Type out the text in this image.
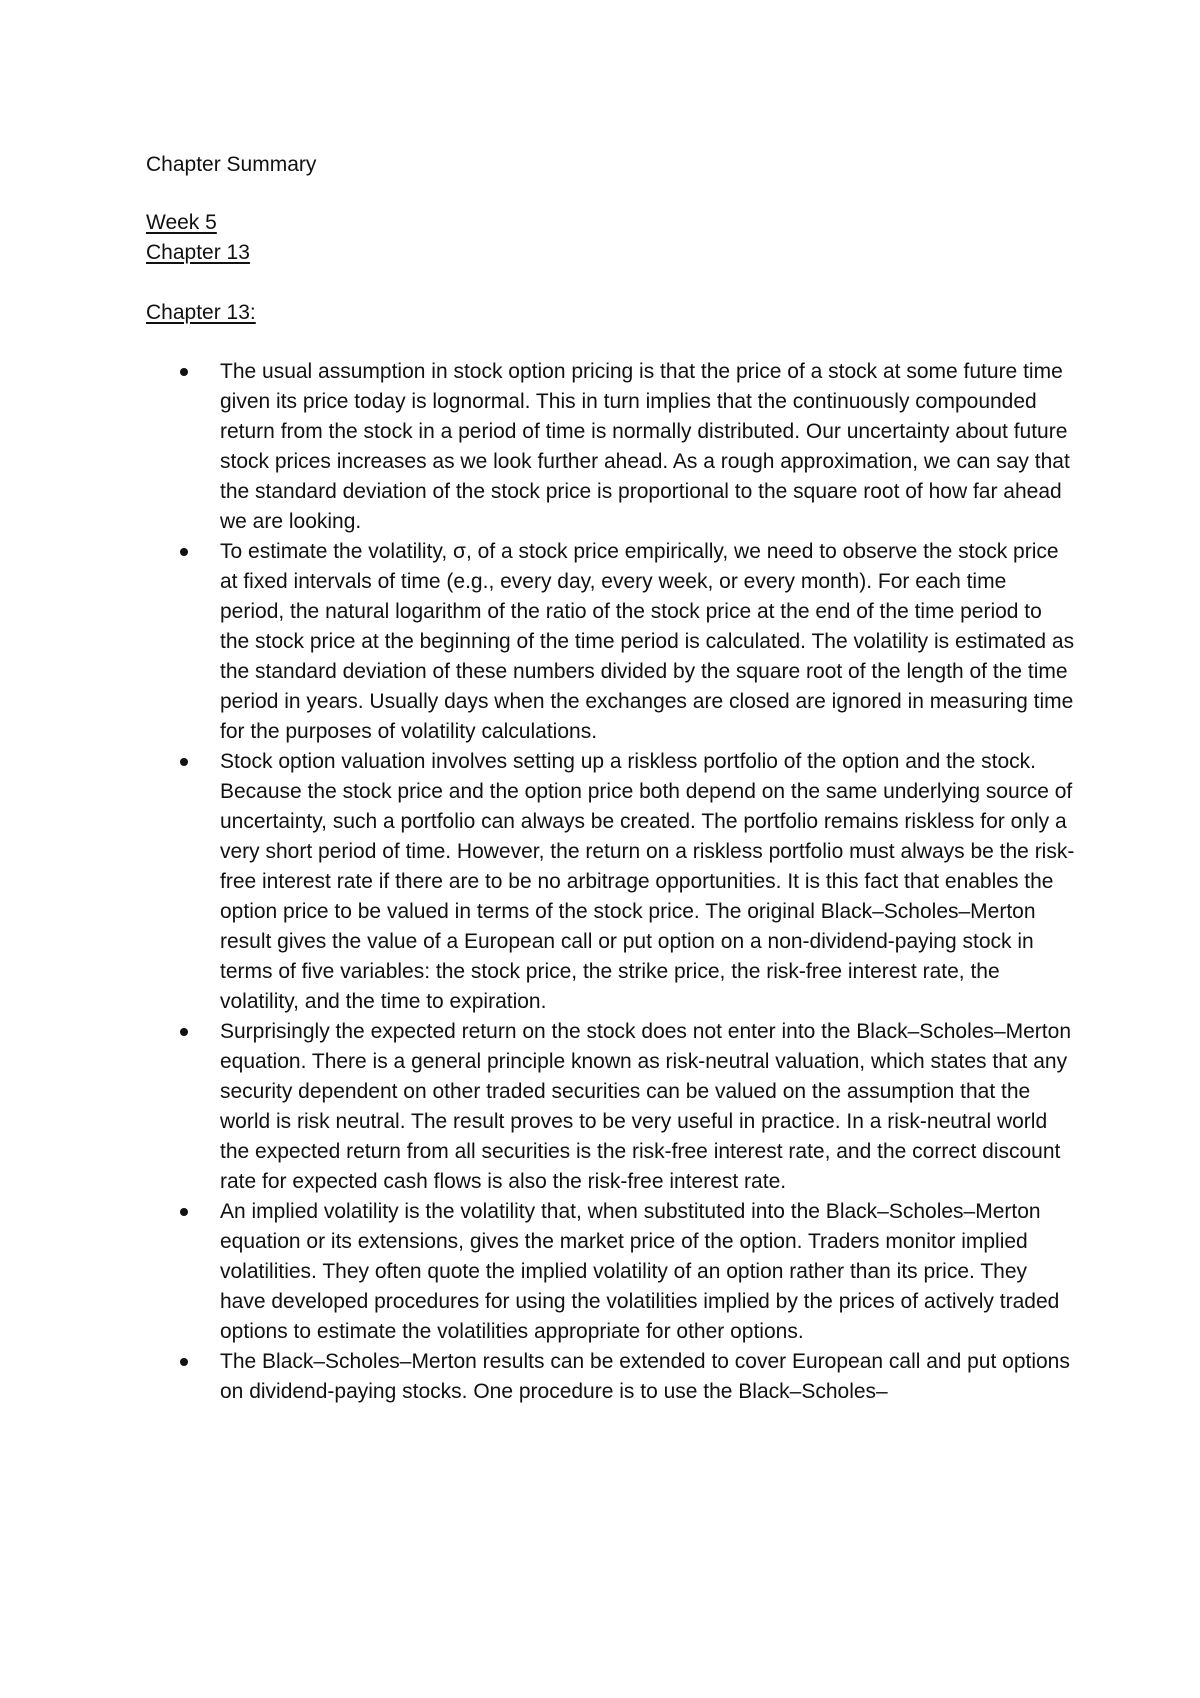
Chapter Summary
Week 5
Chapter 13
Chapter 13:
The usual assumption in stock option pricing is that the price of a stock at some future time given its price today is lognormal. This in turn implies that the continuously compounded return from the stock in a period of time is normally distributed. Our uncertainty about future stock prices increases as we look further ahead. As a rough approximation, we can say that the standard deviation of the stock price is proportional to the square root of how far ahead we are looking.
To estimate the volatility, σ, of a stock price empirically, we need to observe the stock price at fixed intervals of time (e.g., every day, every week, or every month). For each time period, the natural logarithm of the ratio of the stock price at the end of the time period to the stock price at the beginning of the time period is calculated. The volatility is estimated as the standard deviation of these numbers divided by the square root of the length of the time period in years. Usually days when the exchanges are closed are ignored in measuring time for the purposes of volatility calculations.
Stock option valuation involves setting up a riskless portfolio of the option and the stock. Because the stock price and the option price both depend on the same underlying source of uncertainty, such a portfolio can always be created. The portfolio remains riskless for only a very short period of time. However, the return on a riskless portfolio must always be the risk-free interest rate if there are to be no arbitrage opportunities. It is this fact that enables the option price to be valued in terms of the stock price. The original Black–Scholes–Merton result gives the value of a European call or put option on a non-dividend-paying stock in terms of five variables: the stock price, the strike price, the risk-free interest rate, the volatility, and the time to expiration.
Surprisingly the expected return on the stock does not enter into the Black–Scholes–Merton equation. There is a general principle known as risk-neutral valuation, which states that any security dependent on other traded securities can be valued on the assumption that the world is risk neutral. The result proves to be very useful in practice. In a risk-neutral world the expected return from all securities is the risk-free interest rate, and the correct discount rate for expected cash flows is also the risk-free interest rate.
An implied volatility is the volatility that, when substituted into the Black–Scholes–Merton equation or its extensions, gives the market price of the option. Traders monitor implied volatilities. They often quote the implied volatility of an option rather than its price. They have developed procedures for using the volatilities implied by the prices of actively traded options to estimate the volatilities appropriate for other options.
The Black–Scholes–Merton results can be extended to cover European call and put options on dividend-paying stocks. One procedure is to use the Black–Scholes–
